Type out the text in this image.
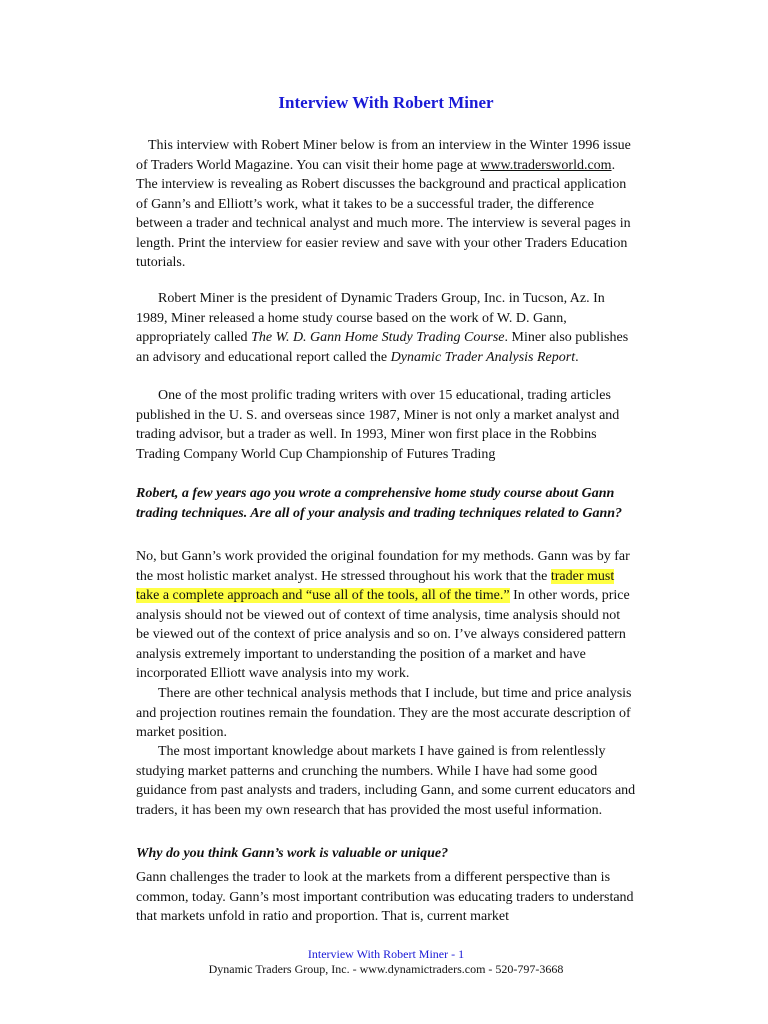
Interview With Robert Miner

This interview with Robert Miner below is from an interview in the Winter 1996 issue of Traders World Magazine. You can visit their home page at www.tradersworld.com. The interview is revealing as Robert discusses the background and practical application of Gann’s and Elliott’s work, what it takes to be a successful trader, the difference between a trader and technical analyst and much more. The interview is several pages in length. Print the interview for easier review and save with your other Traders Education tutorials.

Robert Miner is the president of Dynamic Traders Group, Inc. in Tucson, Az. In 1989, Miner released a home study course based on the work of W. D. Gann, appropriately called The W. D. Gann Home Study Trading Course. Miner also publishes an advisory and educational report called the Dynamic Trader Analysis Report.

One of the most prolific trading writers with over 15 educational, trading articles published in the U. S. and overseas since 1987, Miner is not only a market analyst and trading advisor, but a trader as well. In 1993, Miner won first place in the Robbins Trading Company World Cup Championship of Futures Trading

Robert, a few years ago you wrote a comprehensive home study course about Gann trading techniques. Are all of your analysis and trading techniques related to Gann?

No, but Gann’s work provided the original foundation for my methods. Gann was by far the most holistic market analyst. He stressed throughout his work that the trader must take a complete approach and “use all of the tools, all of the time.” In other words, price analysis should not be viewed out of context of time analysis, time analysis should not be viewed out of the context of price analysis and so on. I’ve always considered pattern analysis extremely important to understanding the position of a market and have incorporated Elliott wave analysis into my work.

There are other technical analysis methods that I include, but time and price analysis and projection routines remain the foundation. They are the most accurate description of market position.

The most important knowledge about markets I have gained is from relentlessly studying market patterns and crunching the numbers. While I have had some good guidance from past analysts and traders, including Gann, and some current educators and traders, it has been my own research that has provided the most useful information.

Why do you think Gann’s work is valuable or unique?

Gann challenges the trader to look at the markets from a different perspective than is common, today. Gann’s most important contribution was educating traders to understand that markets unfold in ratio and proportion. That is, current market

Interview With Robert Miner - 1

Dynamic Traders Group, Inc. - www.dynamictraders.com - 520-797-3668
